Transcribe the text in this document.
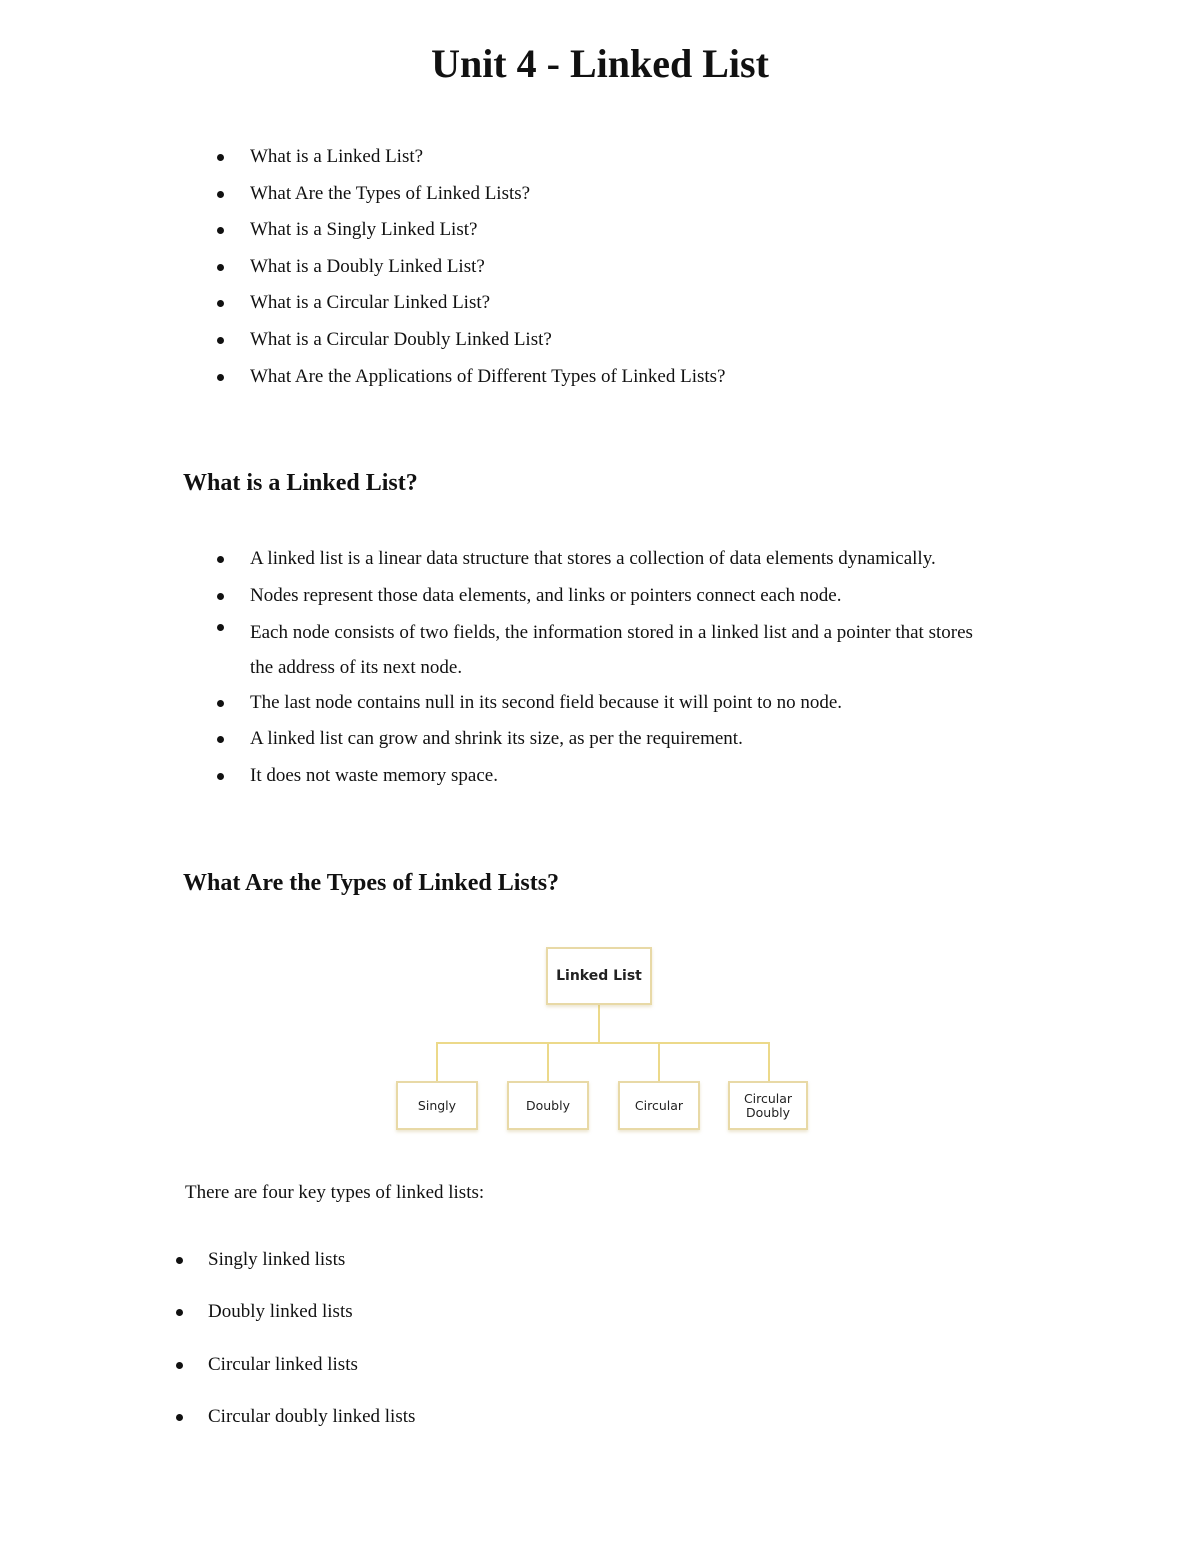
Unit 4 - Linked List
What is a Linked List?
What Are the Types of Linked Lists?
What is a Singly Linked List?
What is a Doubly Linked List?
What is a Circular Linked List?
What is a Circular Doubly Linked List?
What Are the Applications of Different Types of Linked Lists?
What is a Linked List?
A linked list is a linear data structure that stores a collection of data elements dynamically.
Nodes represent those data elements, and links or pointers connect each node.
Each node consists of two fields, the information stored in a linked list and a pointer that stores the address of its next node.
The last node contains null in its second field because it will point to no node.
A linked list can grow and shrink its size, as per the requirement.
It does not waste memory space.
What Are the Types of Linked Lists?
Linked List
Singly	Doubly	Circular	Circular Doubly

There are four key types of linked lists:

Singly linked lists
Doubly linked lists
Circular linked lists
Circular doubly linked lists
